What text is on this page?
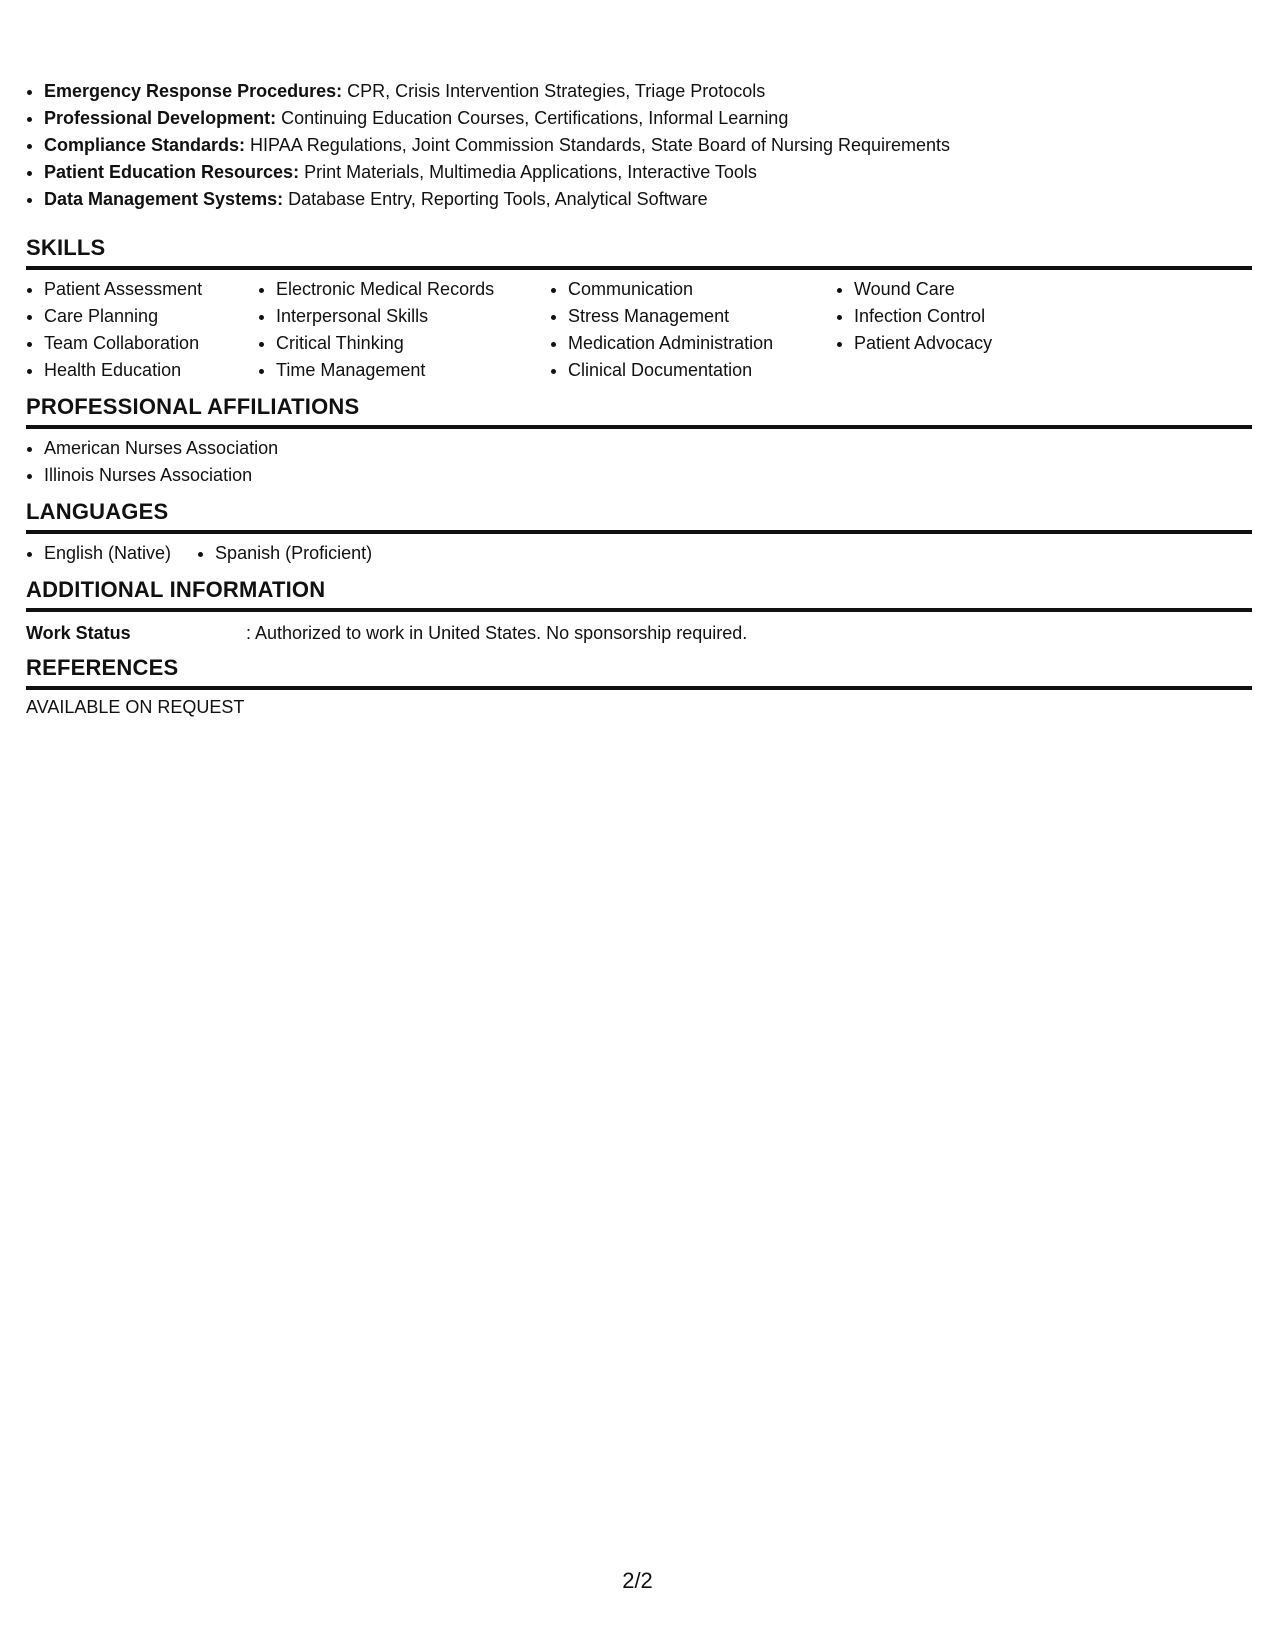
• Emergency Response Procedures: CPR, Crisis Intervention Strategies, Triage Protocols
• Professional Development: Continuing Education Courses, Certifications, Informal Learning
• Compliance Standards: HIPAA Regulations, Joint Commission Standards, State Board of Nursing Requirements
• Patient Education Resources: Print Materials, Multimedia Applications, Interactive Tools
• Data Management Systems: Database Entry, Reporting Tools, Analytical Software
SKILLS
• Patient Assessment
• Care Planning
• Team Collaboration
• Health Education
• Electronic Medical Records
• Interpersonal Skills
• Critical Thinking
• Time Management
• Communication
• Stress Management
• Medication Administration
• Clinical Documentation
• Wound Care
• Infection Control
• Patient Advocacy
PROFESSIONAL AFFILIATIONS
• American Nurses Association
• Illinois Nurses Association
LANGUAGES
• English (Native)
• Spanish (Proficient)
ADDITIONAL INFORMATION
Work Status	: Authorized to work in United States. No sponsorship required.
REFERENCES
AVAILABLE ON REQUEST
2/2
